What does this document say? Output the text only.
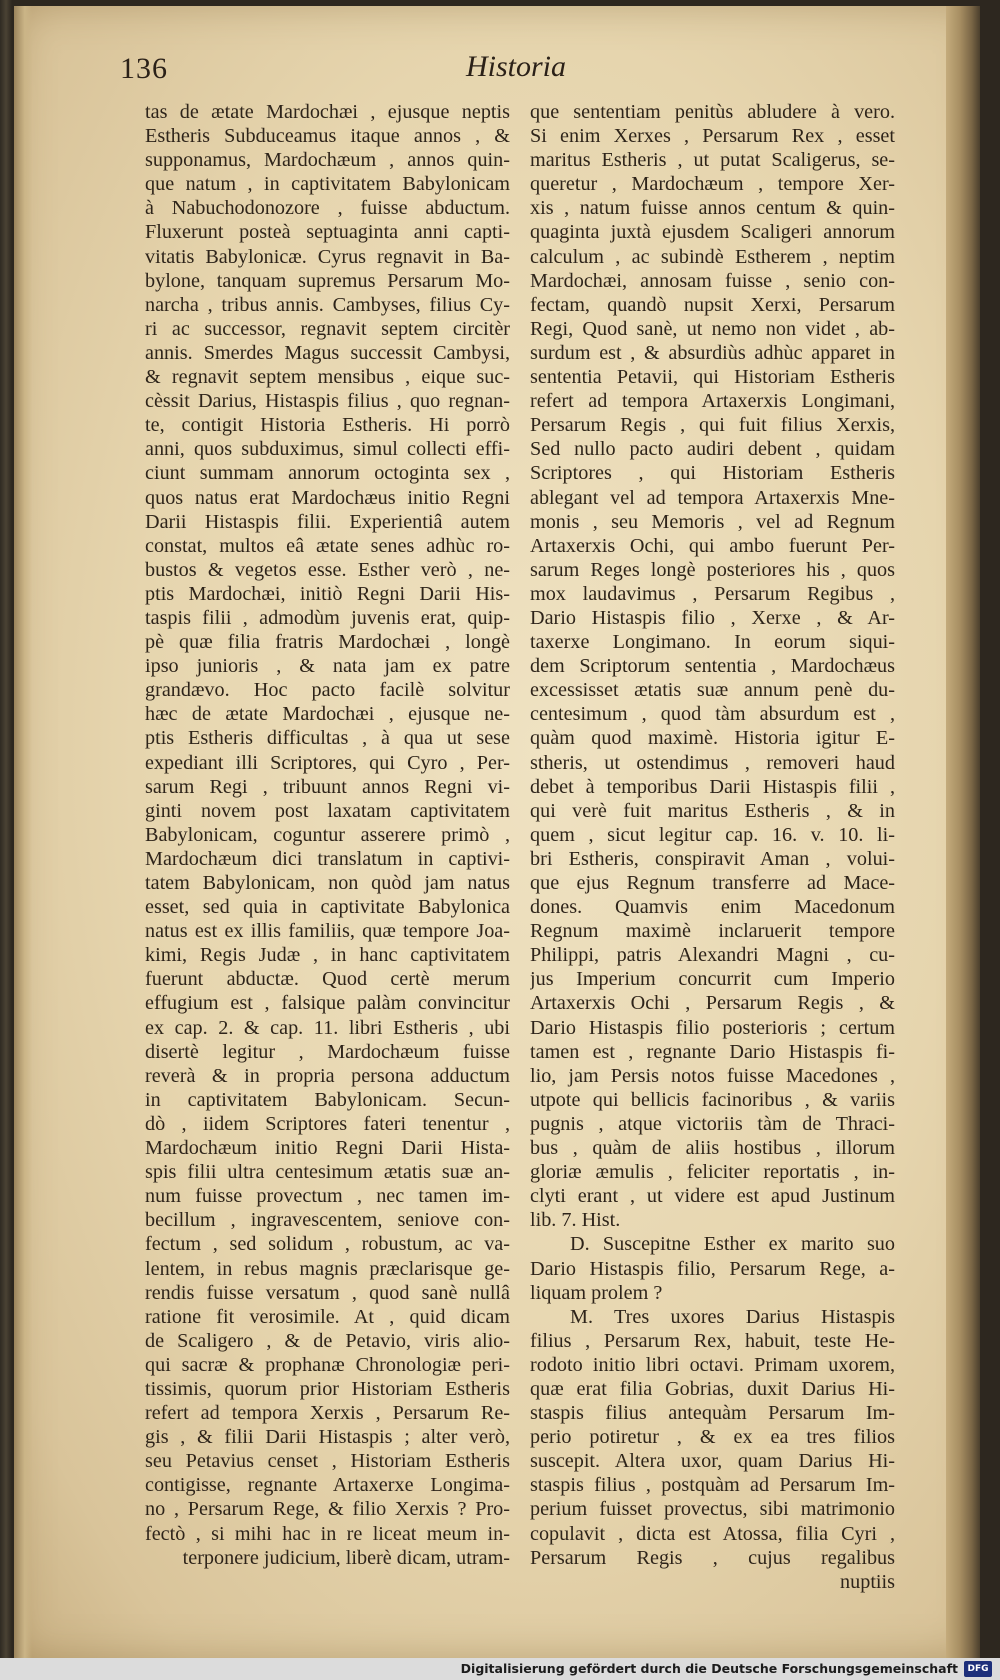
136	Historia

tas de ætate Mardochæi , ejusque neptis

Estheris Subduceamus itaque annos , &

supponamus, Mardochæum , annos quin-

que natum , in captivitatem Babylonicam

à Nabuchodonozore , fuisse abductum.

Fluxerunt posteà septuaginta anni capti-

vitatis Babylonicæ. Cyrus regnavit in Ba-

bylone, tanquam supremus Persarum Mo-

narcha , tribus annis. Cambyses, filius Cy-

ri ac successor, regnavit septem circitèr

annis. Smerdes Magus successit Cambysi,

& regnavit septem mensibus , eique suc-

cèssit Darius, Histaspis filius , quo regnan-

te, contigit Historia Estheris. Hi porrò

anni, quos subduximus, simul collecti effi-

ciunt summam annorum octoginta sex ,

quos natus erat Mardochæus initio Regni

Darii Histaspis filii. Experientiâ autem

constat, multos eâ ætate senes adhùc ro-

bustos & vegetos esse. Esther verò , ne-

ptis Mardochæi, initiò Regni Darii His-

taspis filii , admodùm juvenis erat, quip-

pè quæ filia fratris Mardochæi , longè

ipso junioris , & nata jam ex patre

grandævo. Hoc pacto facilè solvitur

hæc de ætate Mardochæi , ejusque ne-

ptis Estheris difficultas , à qua ut sese

expediant illi Scriptores, qui Cyro , Per-

sarum Regi , tribuunt annos Regni vi-

ginti novem post laxatam captivitatem

Babylonicam, coguntur asserere primò ,

Mardochæum dici translatum in captivi-

tatem Babylonicam, non quòd jam natus

esset, sed quia in captivitate Babylonica

natus est ex illis familiis, quæ tempore Joa-

kimi, Regis Judæ , in hanc captivitatem

fuerunt abductæ. Quod certè merum

effugium est , falsique palàm convincitur

ex cap. 2. & cap. 11. libri Estheris , ubi

disertè legitur , Mardochæum fuisse

reverà & in propria persona adductum

in captivitatem Babylonicam. Secun-

dò , iidem Scriptores fateri tenentur ,

Mardochæum initio Regni Darii Hista-

spis filii ultra centesimum ætatis suæ an-

num fuisse provectum , nec tamen im-

becillum , ingravescentem, seniove con-

fectum , sed solidum , robustum, ac va-

lentem, in rebus magnis præclarisque ge-

rendis fuisse versatum , quod sanè nullâ

ratione fit verosimile. At , quid dicam

de Scaligero , & de Petavio, viris alio-

qui sacræ & prophanæ Chronologiæ peri-

tissimis, quorum prior Historiam Estheris

refert ad tempora Xerxis , Persarum Re-

gis , & filii Darii Histaspis ; alter verò,

seu Petavius censet , Historiam Estheris

contigisse, regnante Artaxerxe Longima-

no , Persarum Rege, & filio Xerxis ? Pro-

fectò , si mihi hac in re liceat meum in-

terponere judicium, liberè dicam, utram-

que sententiam penitùs abludere à vero.

Si enim Xerxes , Persarum Rex , esset

maritus Estheris , ut putat Scaligerus, se-

queretur , Mardochæum , tempore Xer-

xis , natum fuisse annos centum & quin-

quaginta juxtà ejusdem Scaligeri annorum

calculum , ac subindè Estherem , neptim

Mardochæi, annosam fuisse , senio con-

fectam, quandò nupsit Xerxi, Persarum

Regi, Quod sanè, ut nemo non videt , ab-

surdum est , & absurdiùs adhùc apparet in

sententia Petavii, qui Historiam Estheris

refert ad tempora Artaxerxis Longimani,

Persarum Regis , qui fuit filius Xerxis,

Sed nullo pacto audiri debent , quidam

Scriptores , qui Historiam Estheris

ablegant vel ad tempora Artaxerxis Mne-

monis , seu Memoris , vel ad Regnum

Artaxerxis Ochi, qui ambo fuerunt Per-

sarum Reges longè posteriores his , quos

mox laudavimus , Persarum Regibus ,

Dario Histaspis filio , Xerxe , & Ar-

taxerxe Longimano. In eorum siqui-

dem Scriptorum sententia , Mardochæus

excessisset ætatis suæ annum penè du-

centesimum , quod tàm absurdum est ,

quàm quod maximè. Historia igitur E-

stheris, ut ostendimus , removeri haud

debet à temporibus Darii Histaspis filii ,

qui verè fuit maritus Estheris , & in

quem , sicut legitur cap. 16. v. 10. li-

bri Estheris, conspiravit Aman , volui-

que ejus Regnum transferre ad Mace-

dones. Quamvis enim Macedonum

Regnum maximè inclaruerit tempore

Philippi, patris Alexandri Magni , cu-

jus Imperium concurrit cum Imperio

Artaxerxis Ochi , Persarum Regis , &

Dario Histaspis filio posterioris ; certum

tamen est , regnante Dario Histaspis fi-

lio, jam Persis notos fuisse Macedones ,

utpote qui bellicis facinoribus , & variis

pugnis , atque victoriis tàm de Thraci-

bus , quàm de aliis hostibus , illorum

gloriæ æmulis , feliciter reportatis , in-

clyti erant , ut videre est apud Justinum

lib. 7. Hist.

D. Suscepitne Esther ex marito suo

Dario Histaspis filio, Persarum Rege, a-

liquam prolem ?

M. Tres uxores Darius Histaspis

filius , Persarum Rex, habuit, teste He-

rodoto initio libri octavi. Primam uxorem,

quæ erat filia Gobrias, duxit Darius Hi-

staspis filius antequàm Persarum Im-

perio potiretur , & ex ea tres filios

suscepit. Altera uxor, quam Darius Hi-

staspis filius , postquàm ad Persarum Im-

perium fuisset provectus, sibi matrimonio

copulavit , dicta est Atossa, filia Cyri ,

Persarum Regis , cujus regalibus

nuptiis

Digitalisierung gefördert durch die Deutsche Forschungsgemeinschaft	DFG
